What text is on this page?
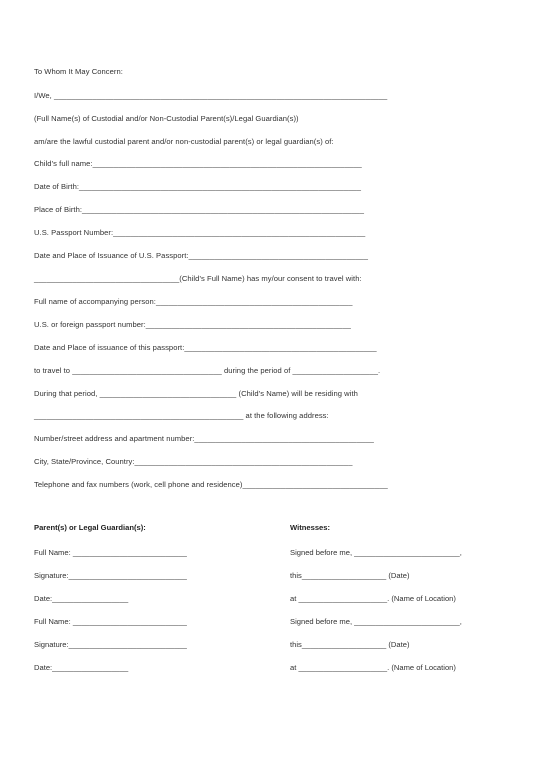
To Whom It May Concern:
I/We, ______________________________________________________________________________
(Full Name(s) of Custodial and/or Non-Custodial Parent(s)/Legal Guardian(s))
am/are the lawful custodial parent and/or non-custodial parent(s) or legal guardian(s) of:
Child’s full name:_______________________________________________________________
Date of Birth:__________________________________________________________________
Place of Birth:__________________________________________________________________
U.S. Passport Number:___________________________________________________________
Date and Place of Issuance of U.S. Passport:__________________________________________
__________________________________(Child’s Full Name) has my/our consent to travel with:
Full name of accompanying person:______________________________________________
U.S. or foreign passport number:________________________________________________
Date and Place of issuance of this passport:_____________________________________________
to travel to ___________________________________ during the period of ____________________.
During that period, ________________________________ (Child’s Name) will be residing with
_________________________________________________ at the following address:
Number/street address and apartment number:__________________________________________
City, State/Province, Country:___________________________________________________
Telephone and fax numbers (work, cell phone and residence)__________________________________
Parent(s) or Legal Guardian(s):	Witnesses:
Full Name: ___________________________
Signature:____________________________
Date:__________________
Full Name: ___________________________
Signature:____________________________
Date:__________________
Signed before me, _________________________,
this____________________ (Date)
at _____________________. (Name of Location)
Signed before me, _________________________,
this____________________ (Date)
at _____________________. (Name of Location)
